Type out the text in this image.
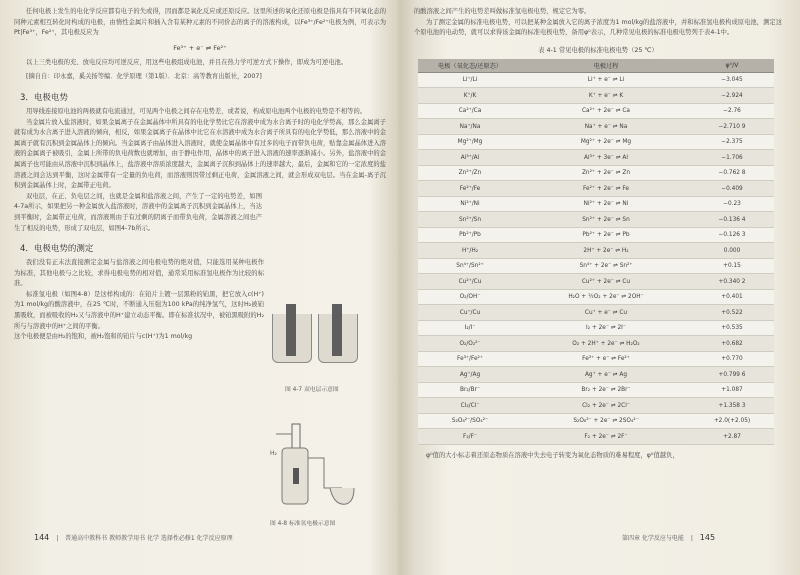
任何电极上发生的电化学反应都有电子的失或得，因而都是氧化反应或还原反应。这里所述的氧化还原电极是指具有不同氧化态的同种元素相互转化时构成的电极，由惰性金属片和插入含有某种元素的不同价态的离子的溶液构成，以Fe³⁺/Fe²⁺电极为例，可表示为Pt|Fe³⁺，Fe²⁺，其电极反应为

Fe³⁺ + e⁻ ⇌ Fe²⁺

以上三类电极的充、放电反应均可逆反应，用这些电极组成电池，并且在热力学可逆方式下操作，即成为可逆电池。

[摘自自：印永嘉，奚关扬等编．化学原理（第1版）．北京：高等教育出版社，2007]

3．电极电势

用导线连接原电池的两极就有电流通过，可见两个电极之间存在电势差，或者说，构成原电池两个电极的电势是不相等的。

当金属片放入盐溶液时，如果金属离子在金属晶体中所具有的电化学势比它在溶液中成为水合离子时的电化学势高，那么金属离子就有成为水合离子进入溶液的倾向，相反，如果金属离子在晶体中比它在水溶液中成为水合离子所具有的电化学势低，那么溶液中的金属离子就有沉积到金属晶体上的倾向。当金属离子由晶体进入溶液时，就使金属晶体中有过多的电子而带负电荷，贴靠金属晶体进入溶液的金属离子被吸引，金属上所带的负电荷数也就增加，由于静电作用，晶体中的离子进入溶液的速率逐渐减小。另外，盐溶液中的金属离子也可能由从溶液中沉积到晶体上，盐溶液中溶质浓度越大，金属离子沉积到晶体上的速率越大，最后，金属和它的一定浓度的盐溶液之间会达到平衡，这时金属带有一定量的负电荷，而溶液则因带过剩正电荷，金属溶液之间，就会形成双电层。当在金属-离子沉积到金属晶体上时，金属带正电荷。

双电层，在正、负电层之间，也就是金属和盐溶液之间，产生了一定的电势差，如图4-7a所示，如果把另一种金属放入盐溶液时，溶液中的金属离子沉积到金属晶体上，当达到平衡时，金属带正电荷，而溶液则由于有过剩的阴离子而带负电荷，金属溶液之间也产生了相反的电势，形成了双电层，如图4-7b所示。

4．电极电势的测定

我们没有正末法直接测定金属与盐溶液之间电极电势的绝对值，只能选用某种电极作为标准，其他电极与之比较，求得电极电势的相对值，通常采用标准氢电极作为比较的标准。

标准氢电极（如图4-8）是这样构成的：在铂片上镀一层黑粉的铂黑，把它放入c(H⁺)为1 mol/kg的酸溶液中，在25 ℃时，不断通入压强为100 kPa的纯净氢气，这时H₂被铂黑吸收，而被吸收的H₂又与溶液中的H⁺建立动态平衡。即在标准状况中，被铂黑吸附的H₂所与与溶液中的H⁺之间的平衡。

这个电极便是由H₂的饱和，被H₂饱和的铂片与c(H⁺)为1 mol/kg

图 4-7 双电层示意图
H₂
图 4-8 标准氢电极示意图
144 | 普通高中教科书 教师教学用书 化学 选择性必修1 化学反应原理

的酸溶液之间产生的电势差叫做标准氢电极电势，规定它为零。

为了测定金属的标准电极电势，可以把某种金属放入它的离子浓度为1 mol/kg的盐溶液中，并和标准氢电极构成原电池，测定这个原电池的电动势，就可以求得该金属的标准电极电势，备用φ⁰表示，几种常见电极的标准电极电势列于表4-1中。

表 4-1 常见电极的标准电极电势（25 ℃）
电极（氧化态/还原态）	电极过程	φ⁰/V
Li⁺/Li	Li⁺ + e⁻ ⇌ Li	−3.045
K⁺/K	K⁺ + e⁻ ⇌ K	−2.924
Ca²⁺/Ca	Ca²⁺ + 2e⁻ ⇌ Ca	−2.76
Na⁺/Na	Na⁺ + e⁻ ⇌ Na	−2.710 9
Mg²⁺/Mg	Mg²⁺ + 2e⁻ ⇌ Mg	−2.375
Al³⁺/Al	Al³⁺ + 3e⁻ ⇌ Al	−1.706
Zn²⁺/Zn	Zn²⁺ + 2e⁻ ⇌ Zn	−0.762 8
Fe²⁺/Fe	Fe²⁺ + 2e⁻ ⇌ Fe	−0.409
Ni²⁺/Ni	Ni²⁺ + 2e⁻ ⇌ Ni	−0.23
Sn²⁺/Sn	Sn²⁺ + 2e⁻ ⇌ Sn	−0.136 4
Pb²⁺/Pb	Pb²⁺ + 2e⁻ ⇌ Pb	−0.126 3
H⁺/H₂	2H⁺ + 2e⁻ ⇌ H₂	0.000
Sn⁴⁺/Sn²⁺	Sn⁴⁺ + 2e⁻ ⇌ Sn²⁺	+0.15
Cu²⁺/Cu	Cu²⁺ + 2e⁻ ⇌ Cu	+0.340 2
O₂/OH⁻	H₂O + ½O₂ + 2e⁻ ⇌ 2OH⁻	+0.401
Cu⁺/Cu	Cu⁺ + e⁻ ⇌ Cu	+0.522
I₂/I⁻	I₂ + 2e⁻ ⇌ 2I⁻	+0.535
O₂/O₂²⁻	O₂ + 2H⁺ + 2e⁻ ⇌ H₂O₂	+0.682
Fe³⁺/Fe²⁺	Fe³⁺ + e⁻ ⇌ Fe²⁺	+0.770
Ag⁺/Ag	Ag⁺ + e⁻ ⇌ Ag	+0.799 6
Br₂/Br⁻	Br₂ + 2e⁻ ⇌ 2Br⁻	+1.087
Cl₂/Cl⁻	Cl₂ + 2e⁻ ⇌ 2Cl⁻	+1.358 3
S₂O₈²⁻/SO₄²⁻	S₂O₈²⁻ + 2e⁻ ⇌ 2SO₄²⁻	+2.0(+2.05)
F₂/F⁻	F₂ + 2e⁻ ⇌ 2F⁻	+2.87

φ⁰值的大小标志着还原态物质在溶液中失去电子转变为氧化态物质的难易程度，φ⁰值越负，

第四章 化学反应与电能 | 145
